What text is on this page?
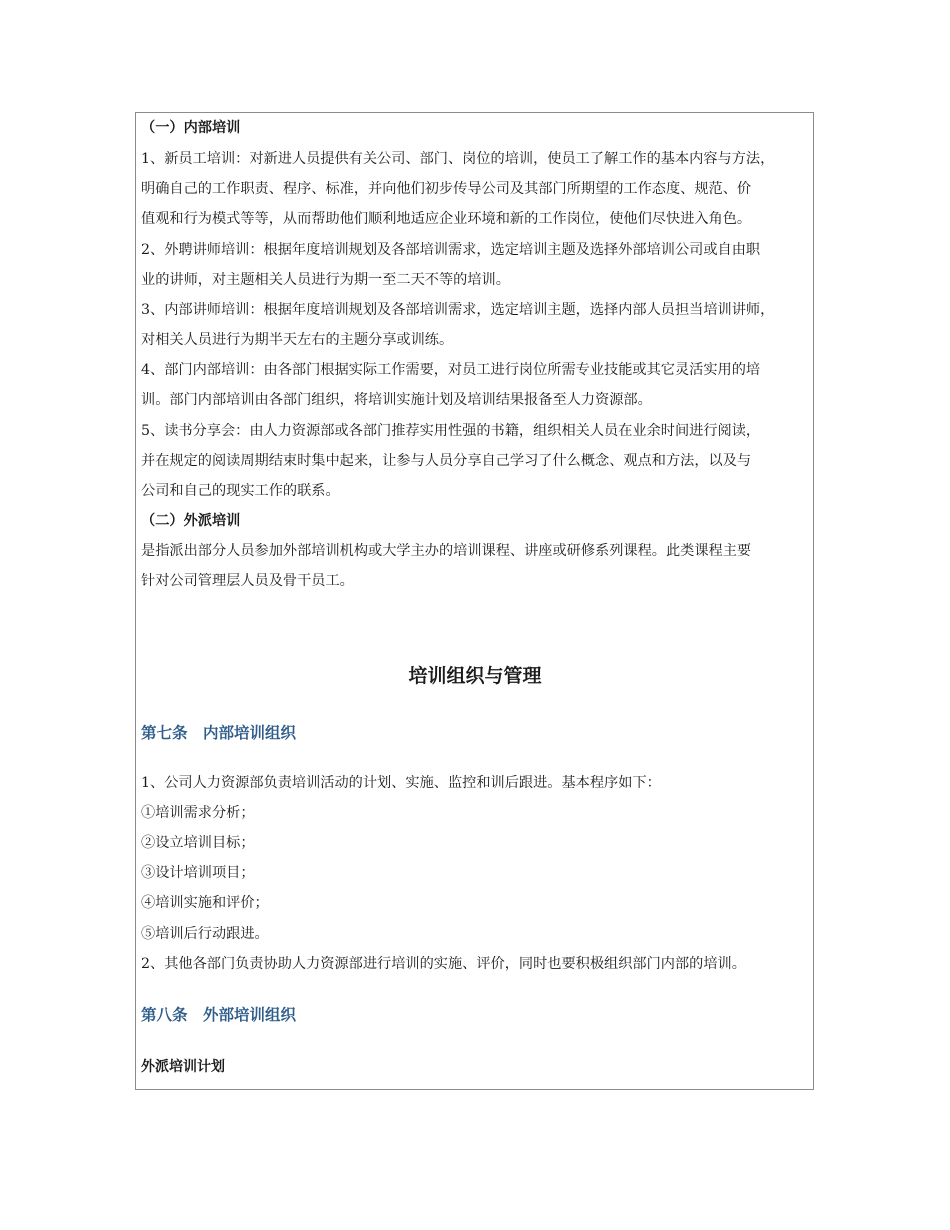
（一）内部培训
1、新员工培训：对新进人员提供有关公司、部门、岗位的培训，使员工了解工作的基本内容与方法，
明确自己的工作职责、程序、标准，并向他们初步传导公司及其部门所期望的工作态度、规范、价
值观和行为模式等等，从而帮助他们顺利地适应企业环境和新的工作岗位，使他们尽快进入角色。
2、外聘讲师培训：根据年度培训规划及各部培训需求，选定培训主题及选择外部培训公司或自由职
业的讲师，对主题相关人员进行为期一至二天不等的培训。
3、内部讲师培训：根据年度培训规划及各部培训需求，选定培训主题，选择内部人员担当培训讲师，
对相关人员进行为期半天左右的主题分享或训练。
4、部门内部培训：由各部门根据实际工作需要，对员工进行岗位所需专业技能或其它灵活实用的培
训。部门内部培训由各部门组织，将培训实施计划及培训结果报备至人力资源部。
5、读书分享会：由人力资源部或各部门推荐实用性强的书籍，组织相关人员在业余时间进行阅读，
并在规定的阅读周期结束时集中起来，让参与人员分享自己学习了什么概念、观点和方法，以及与
公司和自己的现实工作的联系。
（二）外派培训
是指派出部分人员参加外部培训机构或大学主办的培训课程、讲座或研修系列课程。此类课程主要
针对公司管理层人员及骨干员工。
培训组织与管理
第七条　内部培训组织
1、公司人力资源部负责培训活动的计划、实施、监控和训后跟进。基本程序如下：
①培训需求分析；
②设立培训目标；
③设计培训项目；
④培训实施和评价；
⑤培训后行动跟进。
2、其他各部门负责协助人力资源部进行培训的实施、评价，同时也要积极组织部门内部的培训。
第八条　外部培训组织
外派培训计划
